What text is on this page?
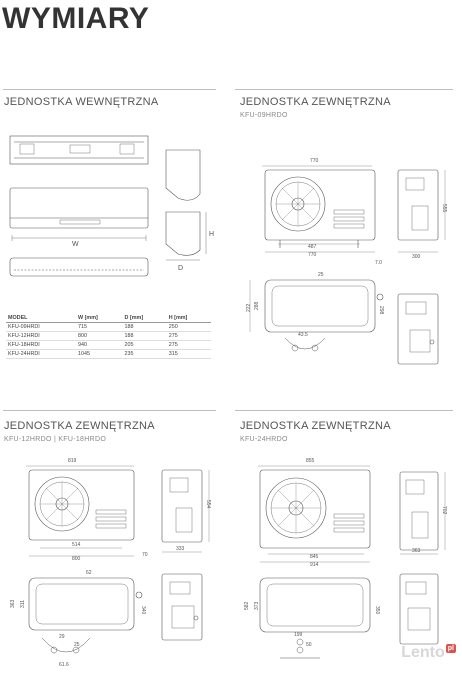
WYMIARY
JEDNOSTKA WEWNĘTRZNA	JEDNOSTKA ZEWNĘTRZNA
KFU-09HRDO
JEDNOSTKA ZEWNĘTRZNA
KFU-12HRDO | KFU-18HRDO
JEDNOSTKA ZEWNĘTRZNA
KFU-24HRDO
W
H
D
MODEL	W [mm]	D [mm]	H [mm]
KFU-09HRDI	715	188	250
KFU-12HRDI	800	188	275
KFU-18HRDI	940	205	275
KFU-24HRDI	1045	235	315
770
487
770
7.0
555
300
25
222 288
298
43.5
819
514
800
70
554
333
62
363 311
340
29
25
61.6
855
845
914
702
363
582 373
350
199
50	Lento pl
